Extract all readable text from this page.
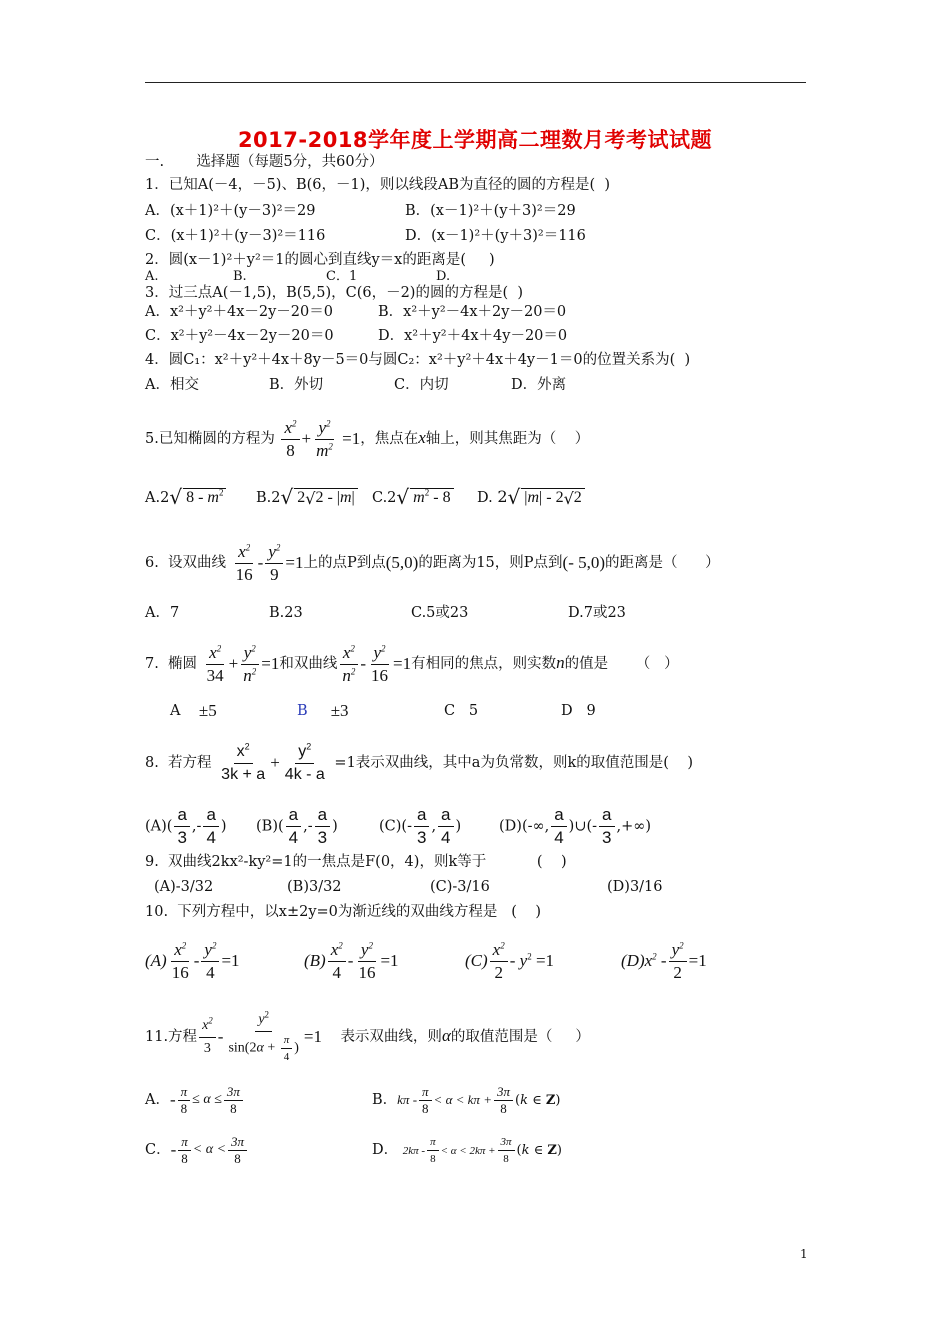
2017-2018学年度上学期高二理数月考考试试题
一.       选择题（每题5分，共60分）
1．已知A(－4，－5)、B(6，－1)，则以线段AB为直径的圆的方程是(  )
A．(x＋1)²＋(y－3)²＝29	B．(x－1)²＋(y＋3)²＝29
C．(x＋1)²＋(y－3)²＝116	D．(x－1)²＋(y＋3)²＝116
2．圆(x－1)²＋y²＝1的圆心到直线y＝x的距离是(     )
A.	B.	C．1	D.
3．过三点A(－1,5)，B(5,5)，C(6，－2)的圆的方程是(  )
A．x²＋y²＋4x－2y－20＝0	B．x²＋y²－4x＋2y－20＝0
C．x²＋y²－4x－2y－20＝0	D．x²＋y²＋4x＋4y－20＝0
4．圆C₁：x²＋y²＋4x＋8y－5＝0与圆C₂：x²＋y²＋4x＋4y－1＝0的位置关系为(  )
A．相交	B．外切	C．内切	D．外离
5.已知椭圆的方程为 $\frac{x^2}{8} + \frac{y^2}{m^2} =1$，焦点在x轴上，则其焦距为（    ）
A.2√ $8 - m^2$ B.2√ 2√2 - |m| C.2√ $m^2 - 8$ D. 2√ |m| - 2√2
6.  设双曲线 $\frac{x^2}{16} - \frac{y^2}{9} =1$上的点P到点(5,0)的距离为15，则P点到(- 5,0)的距离是（      ）
A．7	B.23	C.5或23	D.7或23
7.  椭圆 $\frac{x^2}{34} + \frac{y^2}{n^2} =1$和双曲线 $\frac{x^2}{n^2} - \frac{y^2}{16} =1$有相同的焦点，则实数n的值是      （   ）
A ±5	B ±3	C   5	D   9
8.  若方程 $\frac{x^2}{3k + a} + \frac{y^2}{4k - a} =1$表示双曲线，其中a为负常数，则k的取值范围是(    )
$(A)( \frac{a}{3}$ ,- $\frac{a}{4}$ ) $(B)( \frac{a}{4}$ ,- $\frac{a}{3}$ )	$(C)(- \frac{a}{3}$ , $\frac{a}{4}$ )	(D)(-∞, $\frac{a}{4}$ )∪(- $\frac{a}{3}$ ,+∞)
9.  双曲线2kx²-ky²=1的一焦点是F(0，4)，则k等于           (    )
(A)-3/32	(B)3/32	(C)-3/16	(D)3/16
10.  下列方程中，以x±2y=0为渐近线的双曲线方程是   (    )
$(A) \frac{x^2}{16} - \frac{y^2}{4} =1$	$(B) \frac{x^2}{4} - \frac{y^2}{16} =1$	$(C) \frac{x^2}{2} - y^2 =1$	$(D)x^2 - \frac{y^2}{2} =1$
11.方程 $\frac{x^2}{3} - \frac{y^2}{\sin(2\alpha + \frac{\pi}{4} )} =1$ 表示双曲线，则α的取值范围是（     ）
A．- $\frac{\pi}{8} \le \alpha \le \frac{3\pi}{8}$	B．$k\pi - \frac{\pi}{8} < \alpha < k\pi + \frac{3\pi}{8} (k$ ∈ Z)
C．- $\frac{\pi}{8} < \alpha < \frac{3\pi}{8}$	D． $2k\pi - \frac{\pi}{8} < \alpha < 2k\pi + \frac{3\pi}{8} (k$ ∈ Z)
1
